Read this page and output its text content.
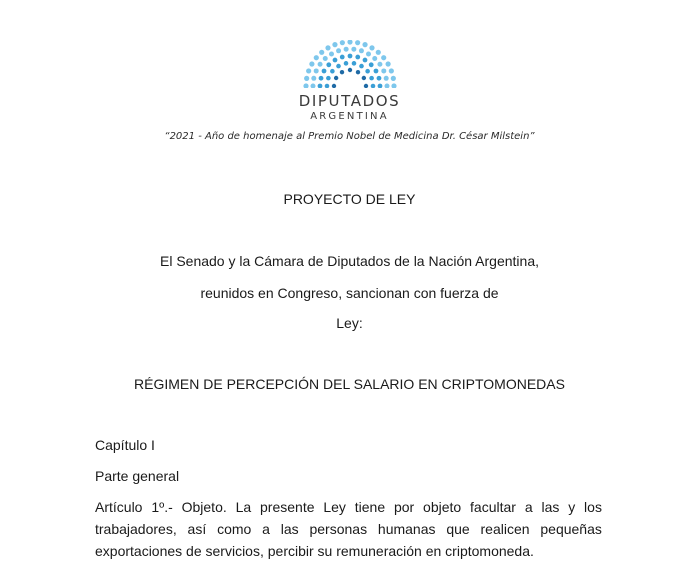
DIPUTADOS
ARGENTINA
“2021 - Año de homenaje al Premio Nobel de Medicina Dr. César Milstein”
PROYECTO DE LEY
El Senado y la Cámara de Diputados de la Nación Argentina,
reunidos en Congreso, sancionan con fuerza de
Ley:
RÉGIMEN DE PERCEPCIÓN DEL SALARIO EN CRIPTOMONEDAS
Capítulo I
Parte general
Artículo 1º.- Objeto. La presente Ley tiene por objeto facultar a las y los
trabajadores, así como a las personas humanas que realicen pequeñas
exportaciones de servicios, percibir su remuneración en criptomoneda.
